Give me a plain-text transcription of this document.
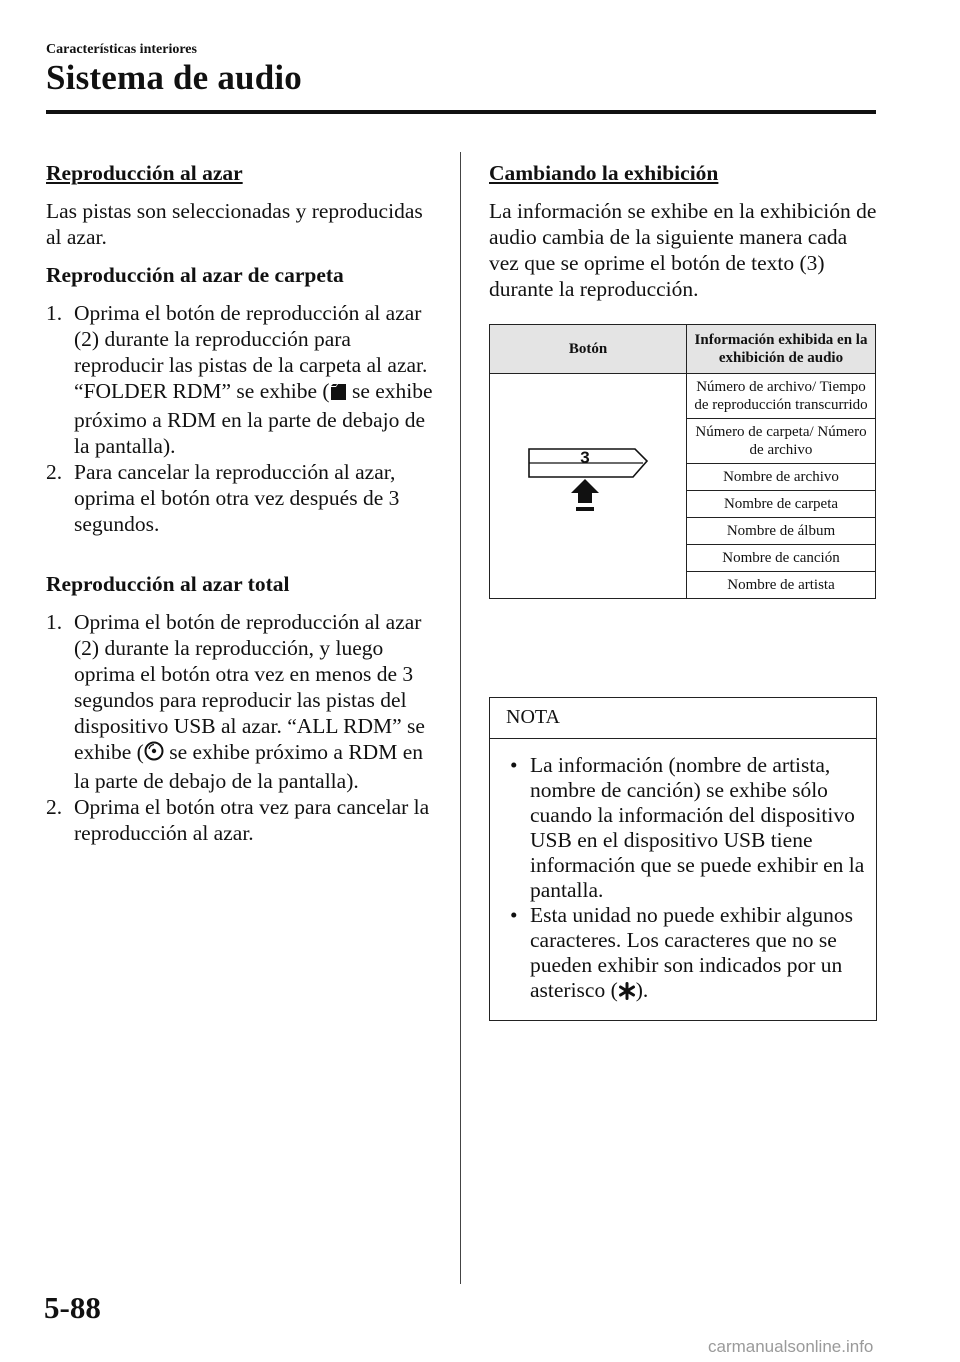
Características interiores
Sistema de audio
Reproducción al azar

Las pistas son seleccionadas y reproducidas al azar.

Reproducción al azar de carpeta
1. Oprima el botón de reproducción al azar (2) durante la reproducción para reproducir las pistas de la carpeta al azar. “FOLDER RDM” se exhibe ( se exhibe próximo a RDM en la parte de debajo de la pantalla).
2. Para cancelar la reproducción al azar, oprima el botón otra vez después de 3 segundos.
Reproducción al azar total
1. Oprima el botón de reproducción al azar (2) durante la reproducción, y luego oprima el botón otra vez en menos de 3 segundos para reproducir las pistas del dispositivo USB al azar. “ALL RDM” se exhibe ( se exhibe próximo a RDM en la parte de debajo de la pantalla).
2. Oprima el botón otra vez para cancelar la reproducción al azar.
Cambiando la exhibición

La información se exhibe en la exhibición de audio cambia de la siguiente manera cada vez que se oprime el botón de texto (3) durante la reproducción.

Botón	Información exhibida en la exhibición de audio

3	Número de archivo/ Tiempo de reproducción transcurrido
	Número de carpeta/ Número de archivo
	Nombre de archivo
	Nombre de carpeta
	Nombre de álbum
	Nombre de canción
	Nombre de artista
NOTA
• La información (nombre de artista, nombre de canción) se exhibe sólo cuando la información del dispositivo USB en el dispositivo USB tiene información que se puede exhibir en la pantalla.
• Esta unidad no puede exhibir algunos caracteres. Los caracteres que no se pueden exhibir son indicados por un asterisco ( ).
5-88
carmanualsonline.info
